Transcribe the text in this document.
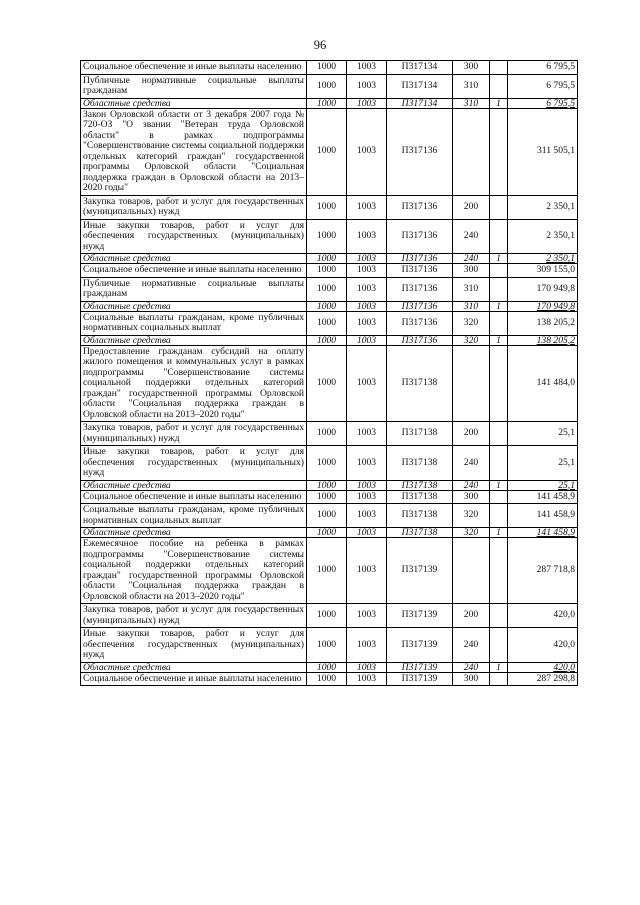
96
Социальное обеспечение и иные выплаты населению	1000	1003	П317134	300		6 795,5
Публичные нормативные социальные выплаты гражданам	1000	1003	П317134	310		6 795,5
Областные средства	1000	1003	П317134	310	1	6 795,5
Закон Орловской области от 3 декабря 2007 года № 720-ОЗ "О звании "Ветеран труда Орловской области" в рамках подпрограммы "Совершенствование системы социальной поддержки отдельных категорий граждан" государственной программы Орловской области "Социальная поддержка граждан в Орловской области на 2013–2020 годы"	1000	1003	П317136			311 505,1
Закупка товаров, работ и услуг для государственных (муниципальных) нужд	1000	1003	П317136	200		2 350,1
Иные закупки товаров, работ и услуг для обеспечения государственных (муниципальных) нужд	1000	1003	П317136	240		2 350,1
Областные средства	1000	1003	П317136	240	1	2 350,1
Социальное обеспечение и иные выплаты населению	1000	1003	П317136	300		309 155,0
Публичные нормативные социальные выплаты гражданам	1000	1003	П317136	310		170 949,8
Областные средства	1000	1003	П317136	310	1	170 949,8
Социальные выплаты гражданам, кроме публичных нормативных социальных выплат	1000	1003	П317136	320		138 205,2
Областные средства	1000	1003	П317136	320	1	138 205,2
Предоставление гражданам субсидий на оплату жилого помещения и коммунальных услуг в рамках подпрограммы "Совершенствование системы социальной поддержки отдельных категорий граждан" государственной программы Орловской области "Социальная поддержка граждан в Орловской области на 2013–2020 годы"	1000	1003	П317138			141 484,0
Закупка товаров, работ и услуг для государственных (муниципальных) нужд	1000	1003	П317138	200		25,1
Иные закупки товаров, работ и услуг для обеспечения государственных (муниципальных) нужд	1000	1003	П317138	240		25,1
Областные средства	1000	1003	П317138	240	1	25,1
Социальное обеспечение и иные выплаты населению	1000	1003	П317138	300		141 458,9
Социальные выплаты гражданам, кроме публичных нормативных социальных выплат	1000	1003	П317138	320		141 458,9
Областные средства	1000	1003	П317138	320	1	141 458,9
Ежемесячное пособие на ребенка в рамках подпрограммы "Совершенствование системы социальной поддержки отдельных категорий граждан" государственной программы Орловской области "Социальная поддержка граждан в Орловской области на 2013–2020 годы"	1000	1003	П317139			287 718,8
Закупка товаров, работ и услуг для государственных (муниципальных) нужд	1000	1003	П317139	200		420,0
Иные закупки товаров, работ и услуг для обеспечения государственных (муниципальных) нужд	1000	1003	П317139	240		420,0
Областные средства	1000	1003	П317139	240	1	420,0
Социальное обеспечение и иные выплаты населению	1000	1003	П317139	300		287 298,8
